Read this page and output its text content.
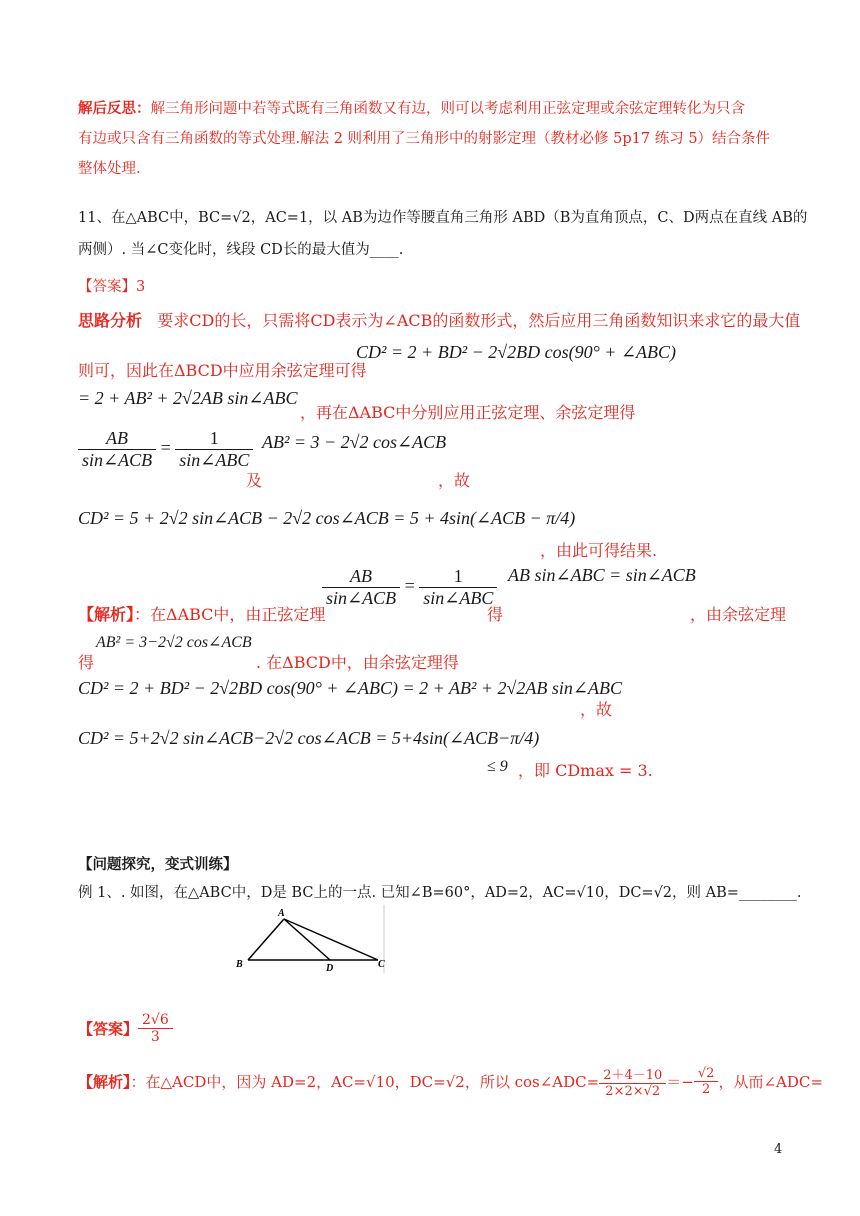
解后反思：解三角形问题中若等式既有三角函数又有边，则可以考虑利用正弦定理或余弦定理转化为只含
有边或只含有三角函数的等式处理.解法 2 则利用了三角形中的射影定理（教材必修 5p17 练习 5）结合条件
整体处理.
11、在△ABC中，BC=√2，AC=1，以 AB为边作等腰直角三角形 ABD（B为直角顶点，C、D两点在直线 AB的
两侧）. 当∠C变化时，线段 CD长的最大值为____.
【答案】3
思路分析 要求CD的长，只需将CD表示为∠ACB的函数形式，然后应用三角函数知识来求它的最大值
CD² = 2 + BD² − 2√2BD cos(90° + ∠ABC)
则可，因此在ΔBCD中应用余弦定理可得
= 2 + AB² + 2√2AB sin∠ABC
，再在ΔABC中分别应用正弦定理、余弦定理得
$\frac{AB}{\text{sin∠ACB}} = \frac{1}{\text{sin∠ABC}}$
及
AB² = 3 − 2√2 cos∠ACB
，故
CD² = 5 + 2√2 sin∠ACB − 2√2 cos∠ACB = 5 + 4sin(∠ACB − π/4)
，由此可得结果.
$\frac{AB}{\text{sin∠ACB}} = \frac{1}{\text{sin∠ABC}}$ AB sin∠ABC = sin∠ACB
【解析】：在ΔABC中，由正弦定理	得	，由余弦定理
得
AB² = 3−2√2 cos∠ACB
. 在ΔBCD中，由余弦定理得
CD² = 2 + BD² − 2√2BD cos(90° + ∠ABC) = 2 + AB² + 2√2AB sin∠ABC
，故
CD² = 5+2√2 sin∠ACB−2√2 cos∠ACB = 5+4sin(∠ACB−π/4)
≤ 9 ，即 CDmax = 3.
【问题探究，变式训练】
例 1、. 如图，在△ABC中，D是 BC上的一点. 已知∠B=60°，AD=2，AC=√10，DC=√2，则 AB=________.
A
B	D	C
【答案】 $\frac{2√6}{3}$
【解析】：在△ACD中，因为 AD=2，AC=√10，DC=√2，所以 cos∠ADC= $\frac{2+4-10}{2\times 2\times√2} =- \frac{√2}{2}$ ，从而∠ADC=
4
